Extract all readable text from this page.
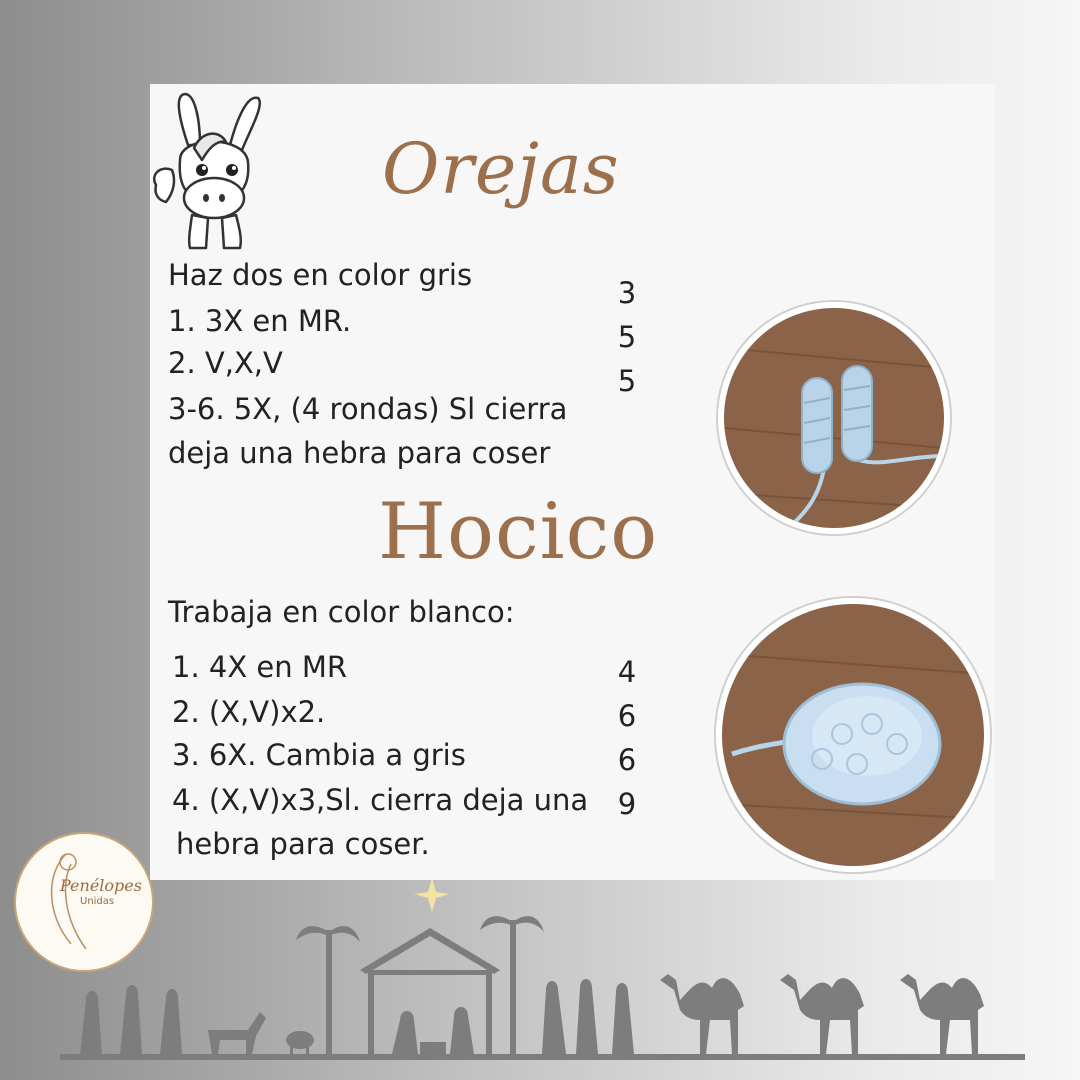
Orejas
Haz dos en color gris
1. 3X en MR.
2. V,X,V
3-6. 5X, (4 rondas) Sl cierra
deja una hebra para coser
3
5
5
Hocico
Trabaja en color blanco:
1. 4X en MR
2. (X,V)x2.
3. 6X. Cambia a gris
4. (X,V)x3,Sl. cierra deja una
hebra para coser.
4
6
6
9
Penélopes
Unidas
